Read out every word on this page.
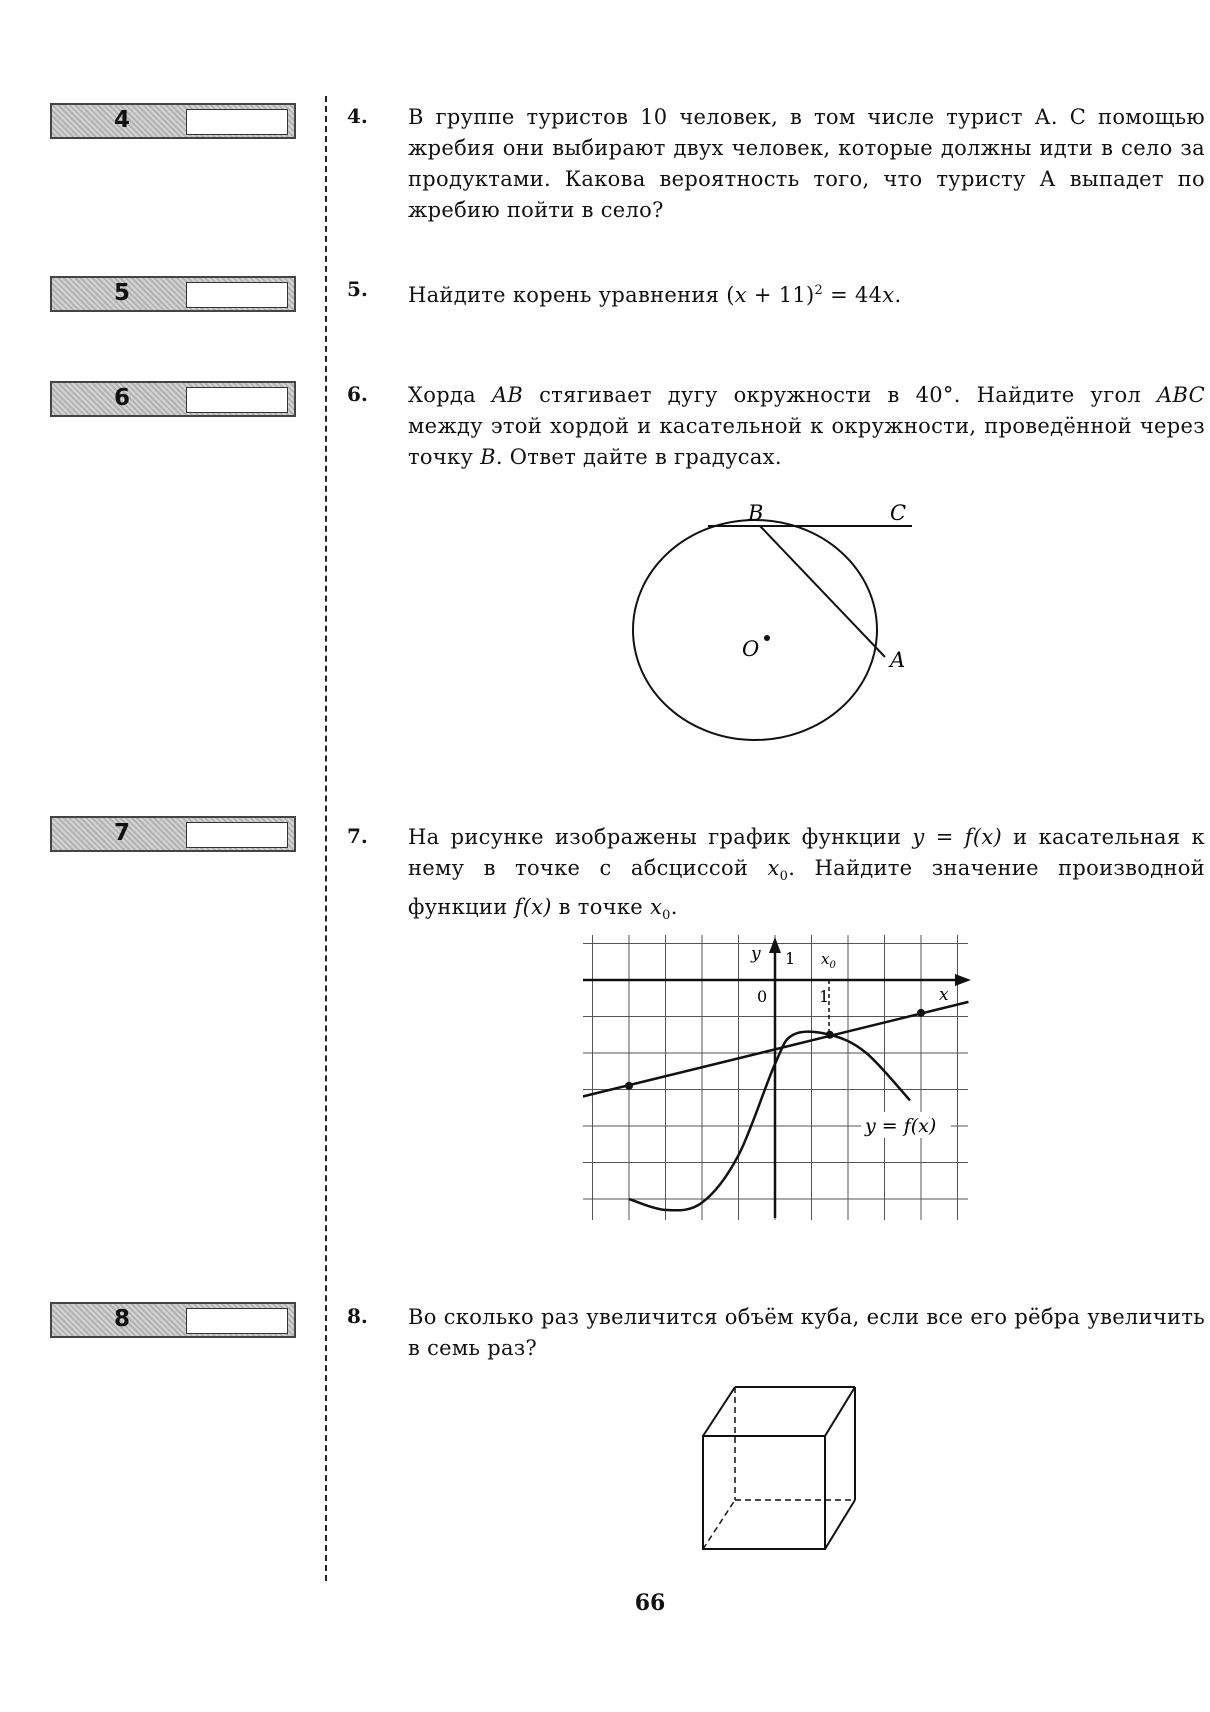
4
5
6
7
8
4. В группе туристов 10 человек, в том числе турист А. С помощью жребия они выбирают двух человек, которые должны идти в село за продуктами. Какова вероятность того, что туристу А выпадет по жребию пойти в село?
5. Найдите корень уравнения $(x + 11)^2 = 44x$.
6. Хорда AB стягивает дугу окружности в 40°. Найдите угол ABC между этой хордой и касательной к окружности, проведённой через точку B. Ответ дайте в градусах.
B	C
O	A
7. На рисунке изображены график функции y = f(x) и касательная к нему в точке с абсциссой $x_0$. Найдите значение производной функции f(x) в точке $x_0$.
y 1 $x_0$
0	1	x
y = f(x)
8. Во сколько раз увеличится объём куба, если все его рёбра увеличить в семь раз?
66
